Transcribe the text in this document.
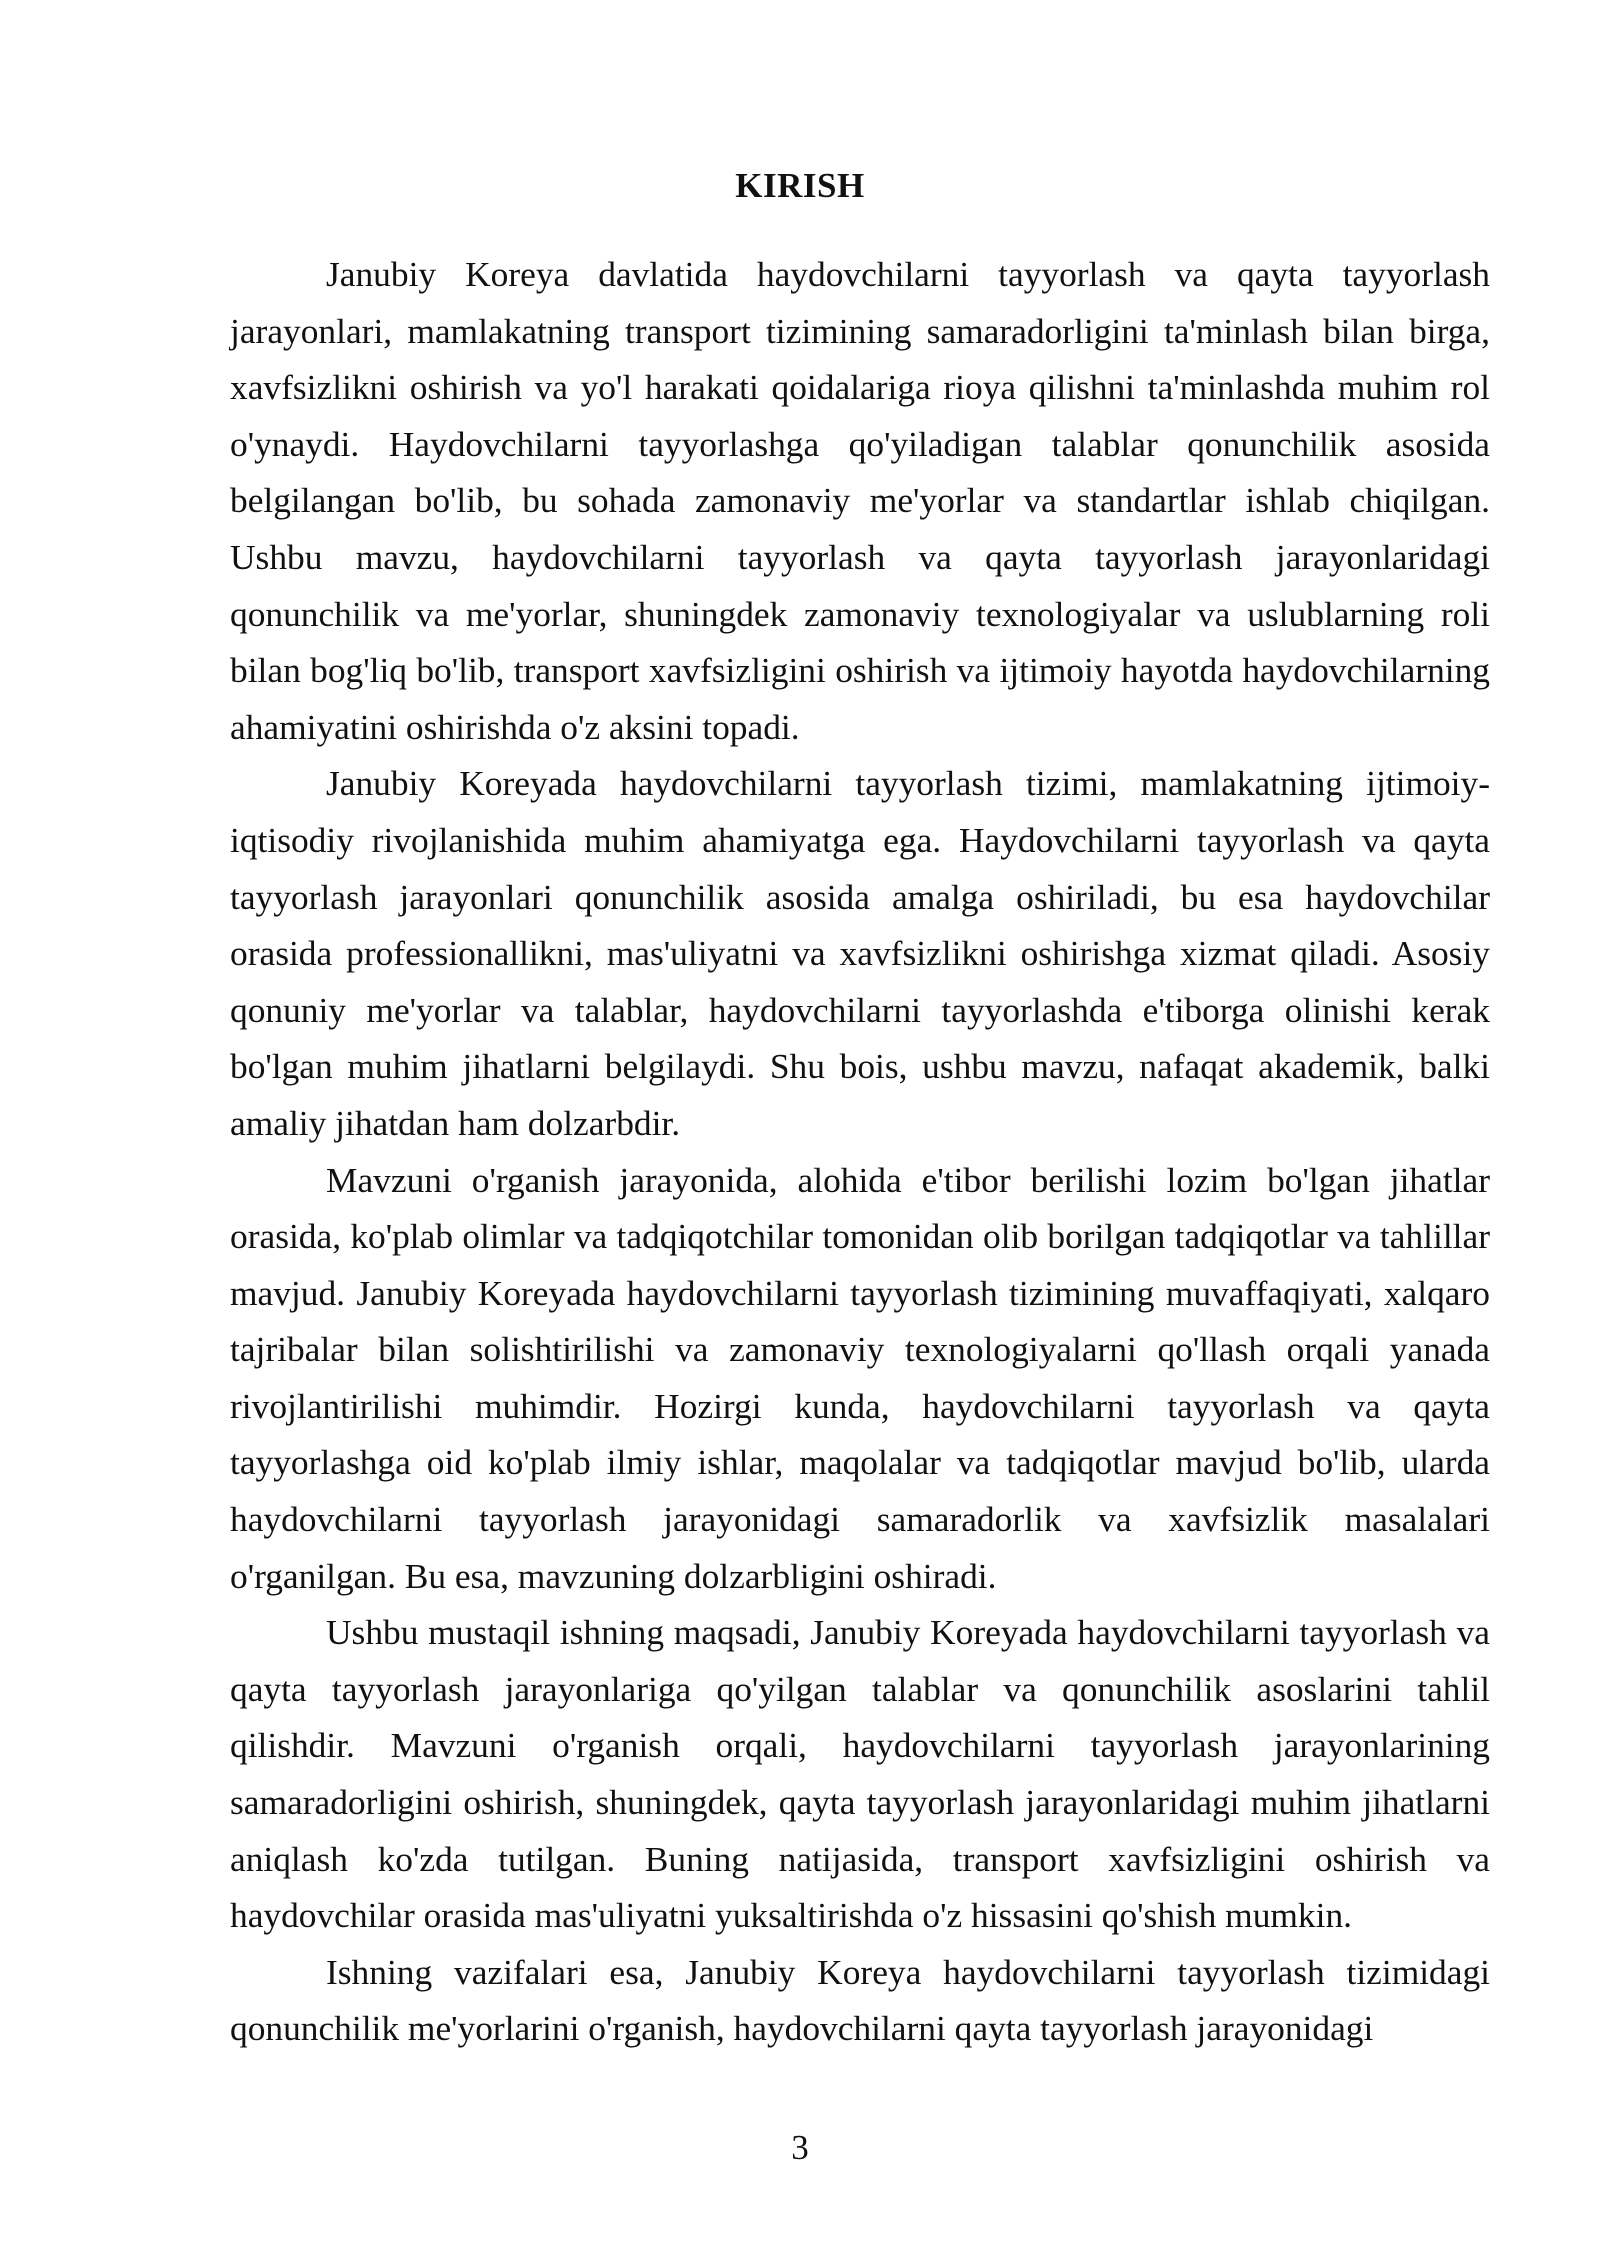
KIRISH

Janubiy Koreya davlatida haydovchilarni tayyorlash va qayta tayyorlash jarayonlari, mamlakatning transport tizimining samaradorligini ta'minlash bilan birga, xavfsizlikni oshirish va yo'l harakati qoidalariga rioya qilishni ta'minlashda muhim rol o'ynaydi. Haydovchilarni tayyorlashga qo'yiladigan talablar qonunchilik asosida belgilangan bo'lib, bu sohada zamonaviy me'yorlar va standartlar ishlab chiqilgan. Ushbu mavzu, haydovchilarni tayyorlash va qayta tayyorlash jarayonlaridagi qonunchilik va me'yorlar, shuningdek zamonaviy texnologiyalar va uslublarning roli bilan bog'liq bo'lib, transport xavfsizligini oshirish va ijtimoiy hayotda haydovchilarning ahamiyatini oshirishda o'z aksini topadi.

Janubiy Koreyada haydovchilarni tayyorlash tizimi, mamlakatning ijtimoiy-iqtisodiy rivojlanishida muhim ahamiyatga ega. Haydovchilarni tayyorlash va qayta tayyorlash jarayonlari qonunchilik asosida amalga oshiriladi, bu esa haydovchilar orasida professionallikni, mas'uliyatni va xavfsizlikni oshirishga xizmat qiladi. Asosiy qonuniy me'yorlar va talablar, haydovchilarni tayyorlashda e'tiborga olinishi kerak bo'lgan muhim jihatlarni belgilaydi. Shu bois, ushbu mavzu, nafaqat akademik, balki amaliy jihatdan ham dolzarbdir.

Mavzuni o'rganish jarayonida, alohida e'tibor berilishi lozim bo'lgan jihatlar orasida, ko'plab olimlar va tadqiqotchilar tomonidan olib borilgan tadqiqotlar va tahlillar mavjud. Janubiy Koreyada haydovchilarni tayyorlash tizimining muvaffaqiyati, xalqaro tajribalar bilan solishtirilishi va zamonaviy texnologiyalarni qo'llash orqali yanada rivojlantirilishi muhimdir. Hozirgi kunda, haydovchilarni tayyorlash va qayta tayyorlashga oid ko'plab ilmiy ishlar, maqolalar va tadqiqotlar mavjud bo'lib, ularda haydovchilarni tayyorlash jarayonidagi samaradorlik va xavfsizlik masalalari o'rganilgan. Bu esa, mavzuning dolzarbligini oshiradi.

Ushbu mustaqil ishning maqsadi, Janubiy Koreyada haydovchilarni tayyorlash va qayta tayyorlash jarayonlariga qo'yilgan talablar va qonunchilik asoslarini tahlil qilishdir. Mavzuni o'rganish orqali, haydovchilarni tayyorlash jarayonlarining samaradorligini oshirish, shuningdek, qayta tayyorlash jarayonlaridagi muhim jihatlarni aniqlash ko'zda tutilgan. Buning natijasida, transport xavfsizligini oshirish va haydovchilar orasida mas'uliyatni yuksaltirishda o'z hissasini qo'shish mumkin.

Ishning vazifalari esa, Janubiy Koreya haydovchilarni tayyorlash tizimidagi qonunchilik me'yorlarini o'rganish, haydovchilarni qayta tayyorlash jarayonidagi

3
